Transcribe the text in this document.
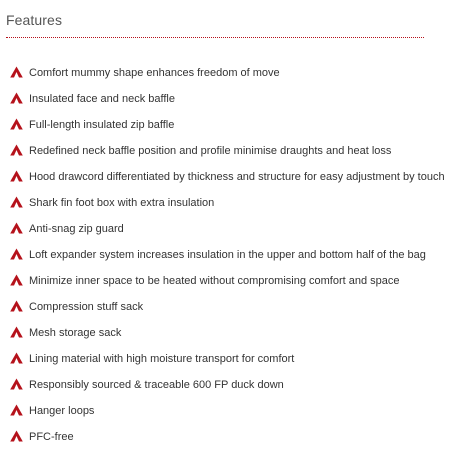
Features
Comfort mummy shape enhances freedom of move
Insulated face and neck baffle
Full-length insulated zip baffle
Redefined neck baffle position and profile minimise draughts and heat loss
Hood drawcord differentiated by thickness and structure for easy adjustment by touch
Shark fin foot box with extra insulation
Anti-snag zip guard
Loft expander system increases insulation in the upper and bottom half of the bag
Minimize inner space to be heated without compromising comfort and space
Compression stuff sack
Mesh storage sack
Lining material with high moisture transport for comfort
Responsibly sourced & traceable 600 FP duck down
Hanger loops
PFC-free
